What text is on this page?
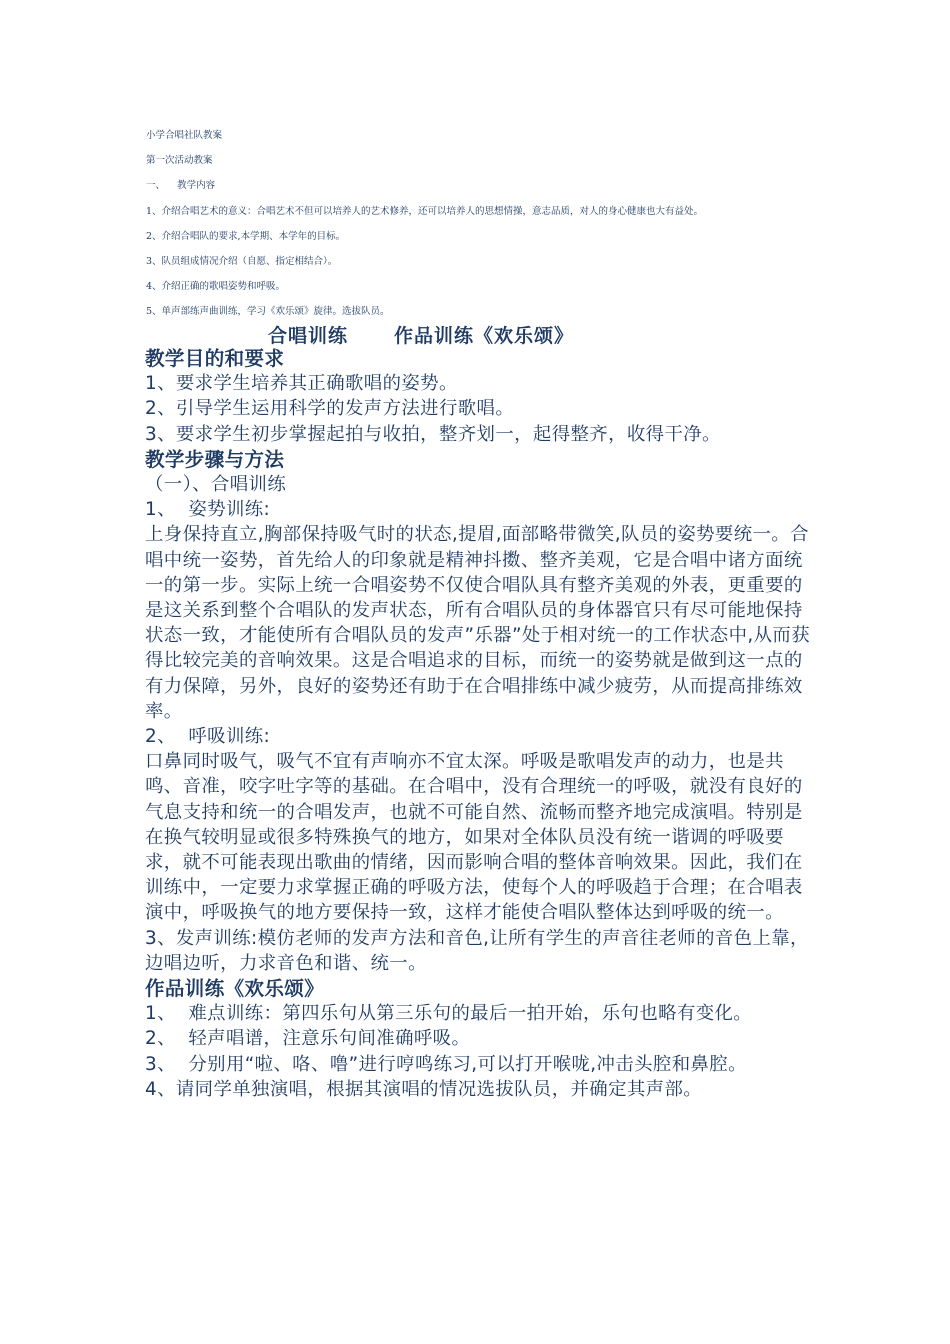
小学合唱社队教案
第一次活动教案
一、    教学内容
1、介绍合唱艺术的意义：合唱艺术不但可以培养人的艺术修养，还可以培养人的思想情操，意志品质，对人的身心健康也大有益处。
2、介绍合唱队的要求,本学期、本学年的目标。
3、队员组成情况介绍（自愿、指定相结合）。
4、介绍正确的歌唱姿势和呼吸。
5、单声部练声曲训练，学习《欢乐颂》旋律。选拔队员。
合唱训练 作品训练《欢乐颂》

教学目的和要求

1、要求学生培养其正确歌唱的姿势。

2、引导学生运用科学的发声方法进行歌唱。

3、要求学生初步掌握起拍与收拍，整齐划一，起得整齐，收得干净。

教学步骤与方法

（一）、合唱训练

1、  姿势训练:

上身保持直立,胸部保持吸气时的状态,提眉,面部略带微笑,队员的姿势要统一。合唱中统一姿势，首先给人的印象就是精神抖擞、整齐美观，它是合唱中诸方面统一的第一步。实际上统一合唱姿势不仅使合唱队具有整齐美观的外表，更重要的是这关系到整个合唱队的发声状态，所有合唱队员的身体器官只有尽可能地保持状态一致，才能使所有合唱队员的发声”乐器”处于相对统一的工作状态中,从而获得比较完美的音响效果。这是合唱追求的目标，而统一的姿势就是做到这一点的有力保障，另外，良好的姿势还有助于在合唱排练中减少疲劳，从而提高排练效率。

2、  呼吸训练:

口鼻同时吸气，吸气不宜有声响亦不宜太深。呼吸是歌唱发声的动力，也是共鸣、音准，咬字吐字等的基础。在合唱中，没有合理统一的呼吸，就没有良好的气息支持和统一的合唱发声，也就不可能自然、流畅而整齐地完成演唱。特别是在换气较明显或很多特殊换气的地方，如果对全体队员没有统一谐调的呼吸要求，就不可能表现出歌曲的情绪，因而影响合唱的整体音响效果。因此，我们在训练中，一定要力求掌握正确的呼吸方法，使每个人的呼吸趋于合理；在合唱表演中，呼吸换气的地方要保持一致，这样才能使合唱队整体达到呼吸的统一。

3、发声训练:模仿老师的发声方法和音色,让所有学生的声音往老师的音色上靠，边唱边听，力求音色和谐、统一。

作品训练《欢乐颂》

1、  难点训练：第四乐句从第三乐句的最后一拍开始，乐句也略有变化。

2、  轻声唱谱，注意乐句间准确呼吸。

3、  分别用“啦、咯、噜”进行哼鸣练习,可以打开喉咙,冲击头腔和鼻腔。

4、请同学单独演唱，根据其演唱的情况选拔队员，并确定其声部。
